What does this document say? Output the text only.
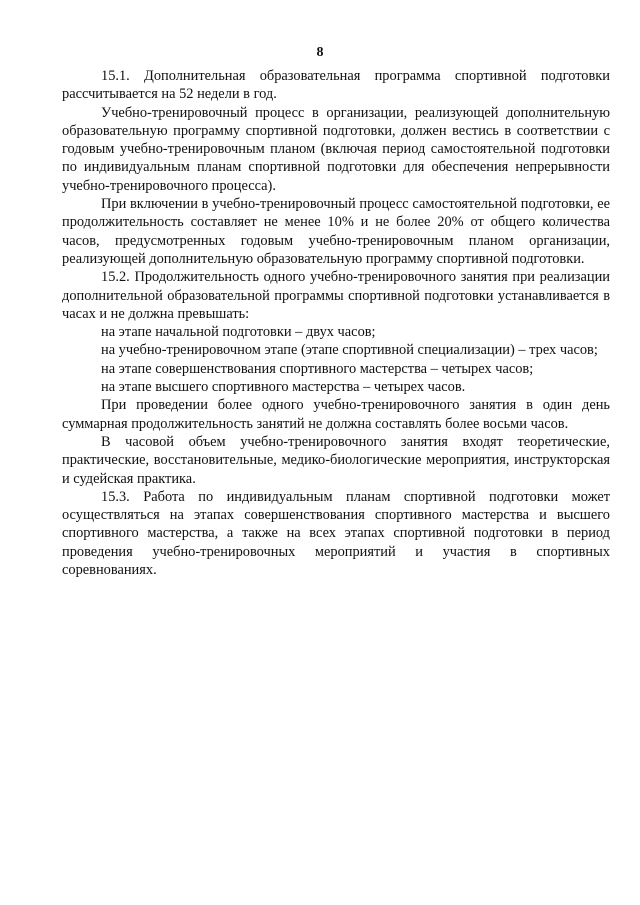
8

15.1. Дополнительная образовательная программа спортивной подготовки рассчитывается на 52 недели в год.

Учебно-тренировочный процесс в организации, реализующей дополнительную образовательную программу спортивной подготовки, должен вестись в соответствии с годовым учебно-тренировочным планом (включая период самостоятельной подготовки по индивидуальным планам спортивной подготовки для обеспечения непрерывности учебно-тренировочного процесса).

При включении в учебно-тренировочный процесс самостоятельной подготовки, ее продолжительность составляет не менее 10% и не более 20% от общего количества часов, предусмотренных годовым учебно-тренировочным планом организации, реализующей дополнительную образовательную программу спортивной подготовки.

15.2. Продолжительность одного учебно-тренировочного занятия при реализации дополнительной образовательной программы спортивной подготовки устанавливается в часах и не должна превышать:

на этапе начальной подготовки – двух часов;

на учебно-тренировочном этапе (этапе спортивной специализации) – трех часов;

на этапе совершенствования спортивного мастерства – четырех часов;

на этапе высшего спортивного мастерства – четырех часов.

При проведении более одного учебно-тренировочного занятия в один день суммарная продолжительность занятий не должна составлять более восьми часов.

В часовой объем учебно-тренировочного занятия входят теоретические, практические, восстановительные, медико-биологические мероприятия, инструкторская и судейская практика.

15.3. Работа по индивидуальным планам спортивной подготовки может осуществляться на этапах совершенствования спортивного мастерства и высшего спортивного мастерства, а также на всех этапах спортивной подготовки в период проведения учебно-тренировочных мероприятий и участия в спортивных соревнованиях.
